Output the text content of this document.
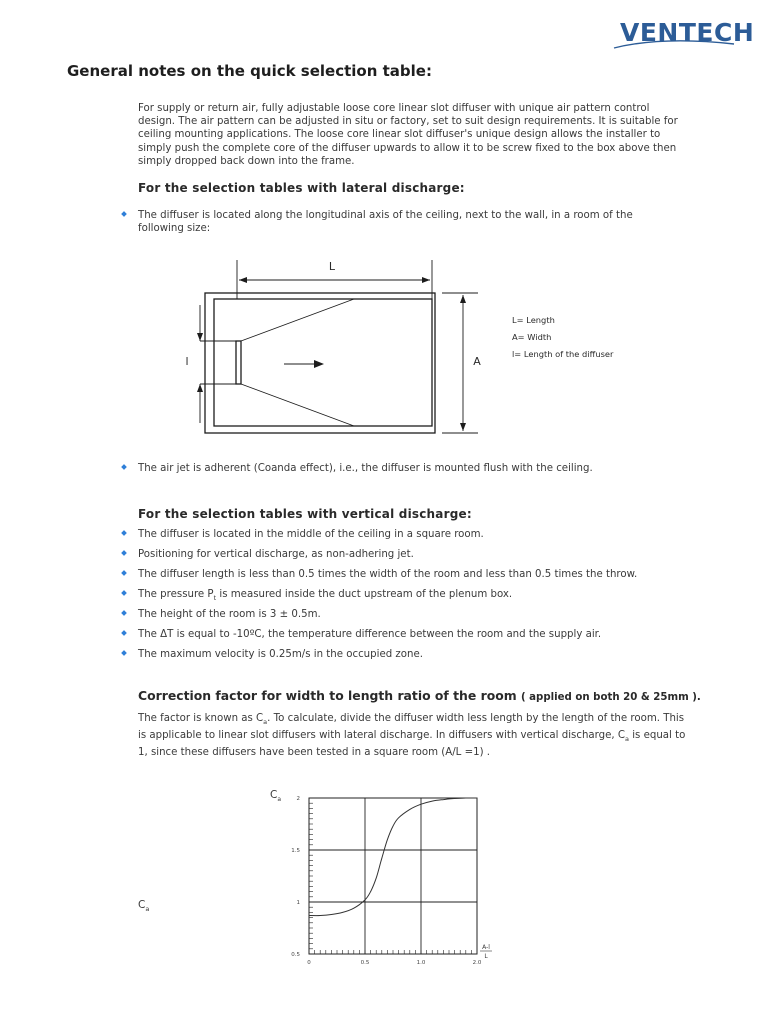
VENTECH
General notes on the quick selection table:

For supply or return air, fully adjustable loose core linear slot diffuser with unique air pattern control design. The air pattern can be adjusted in situ or factory, set to suit design requirements. It is suitable for ceiling mounting applications. The loose core linear slot diffuser's unique design allows the installer to simply push the complete core of the diffuser upwards to allow it to be screw fixed to the box above then simply dropped back down into the frame.

For the selection tables with lateral discharge:
The diffuser is located along the longitudinal axis of the ceiling, next to the wall, in a room of the following size:
L
A
l
L= Length
A= Width
l= Length of the diffuser
The air jet is adherent (Coanda effect), i.e., the diffuser is mounted flush with the ceiling.
For the selection tables with vertical discharge:
The diffuser is located in the middle of the ceiling in a square room.
Positioning for vertical discharge, as non-adhering jet.
The diffuser length is less than 0.5 times the width of the room and less than 0.5 times the throw.
The pressure $P_t$ is measured inside the duct upstream of the plenum box.
The height of the room is 3 ± 0.5m.
The ΔT is equal to -10ºC, the temperature difference between the room and the supply air.
The maximum velocity is 0.25m/s in the occupied zone.
Correction factor for width to length ratio of the room ( applied on both 20 & 25mm ).

The factor is known as $C_a$. To calculate, divide the diffuser width less length by the length of the room. This is applicable to linear slot diffusers with lateral discharge. In diffusers with vertical discharge, $C_a$ is equal to 1, since these diffusers have been tested in a square room (A/L =1) .

0	0.5	1.0	2.0
0.5
1
1.5
2
$C_a$
A-l
L
$C_a$
